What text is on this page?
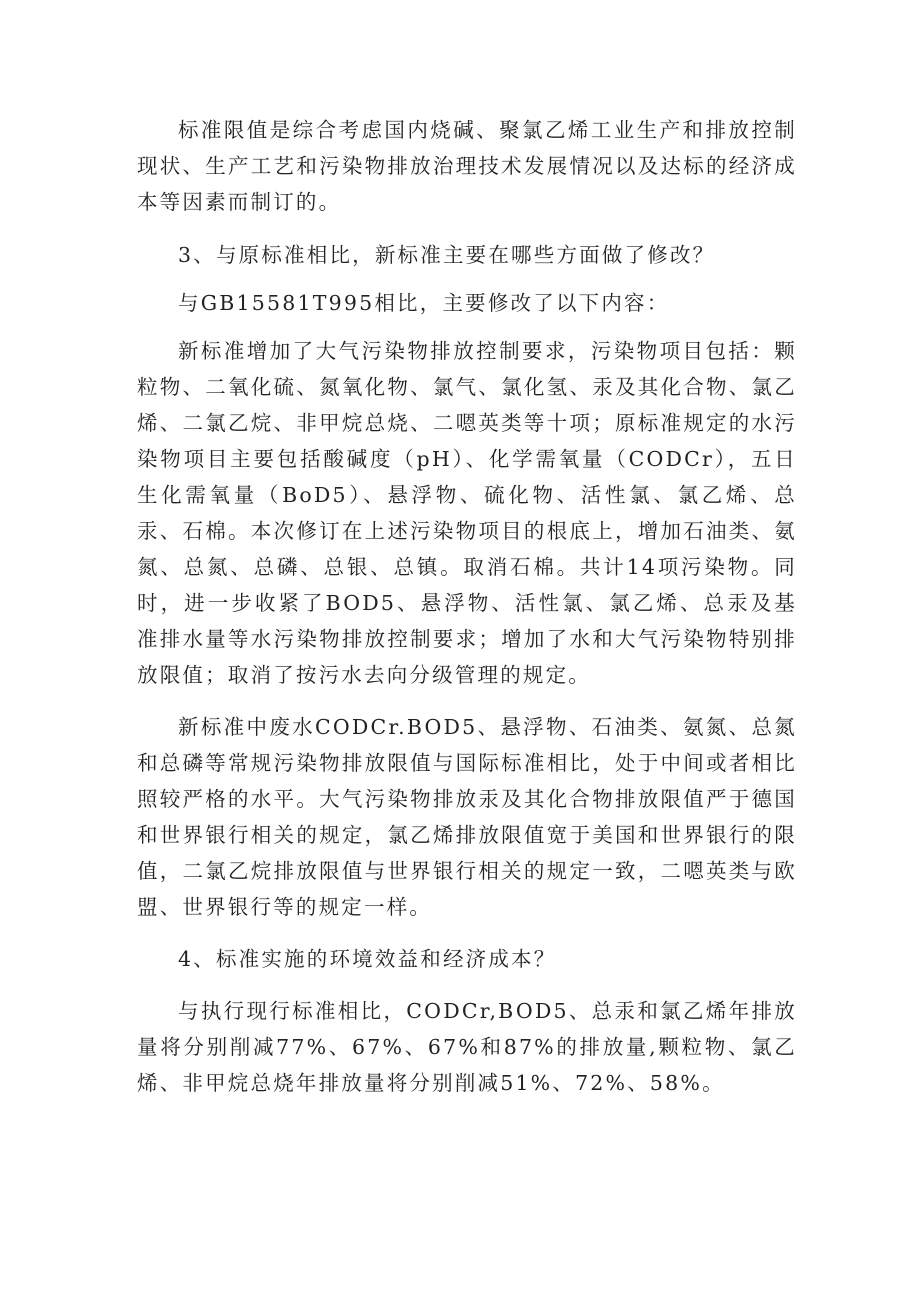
标准限值是综合考虑国内烧碱、聚氯乙烯工业生产和排放控制现状、生产工艺和污染物排放治理技术发展情况以及达标的经济成本等因素而制订的。

3、与原标准相比，新标准主要在哪些方面做了修改？

与GB15581T995相比，主要修改了以下内容：

新标准增加了大气污染物排放控制要求，污染物项目包括：颗粒物、二氧化硫、氮氧化物、氯气、氯化氢、汞及其化合物、氯乙烯、二氯乙烷、非甲烷总烧、二嗯英类等十项；原标准规定的水污染物项目主要包括酸碱度（pH）、化学需氧量（CODCr），五日生化需氧量（BoD5）、悬浮物、硫化物、活性氯、氯乙烯、总汞、石棉。本次修订在上述污染物项目的根底上，增加石油类、氨氮、总氮、总磷、总银、总镇。取消石棉。共计14项污染物。同时，进一步收紧了BOD5、悬浮物、活性氯、氯乙烯、总汞及基准排水量等水污染物排放控制要求；增加了水和大气污染物特别排放限值；取消了按污水去向分级管理的规定。

新标准中废水CODCr.BOD5、悬浮物、石油类、氨氮、总氮和总磷等常规污染物排放限值与国际标准相比，处于中间或者相比照较严格的水平。大气污染物排放汞及其化合物排放限值严于德国和世界银行相关的规定，氯乙烯排放限值宽于美国和世界银行的限值，二氯乙烷排放限值与世界银行相关的规定一致，二嗯英类与欧盟、世界银行等的规定一样。

4、标准实施的环境效益和经济成本？

与执行现行标准相比，CODCr,BOD5、总汞和氯乙烯年排放量将分别削减77%、67%、67%和87%的排放量,颗粒物、氯乙烯、非甲烷总烧年排放量将分别削减51%、72%、58%。
